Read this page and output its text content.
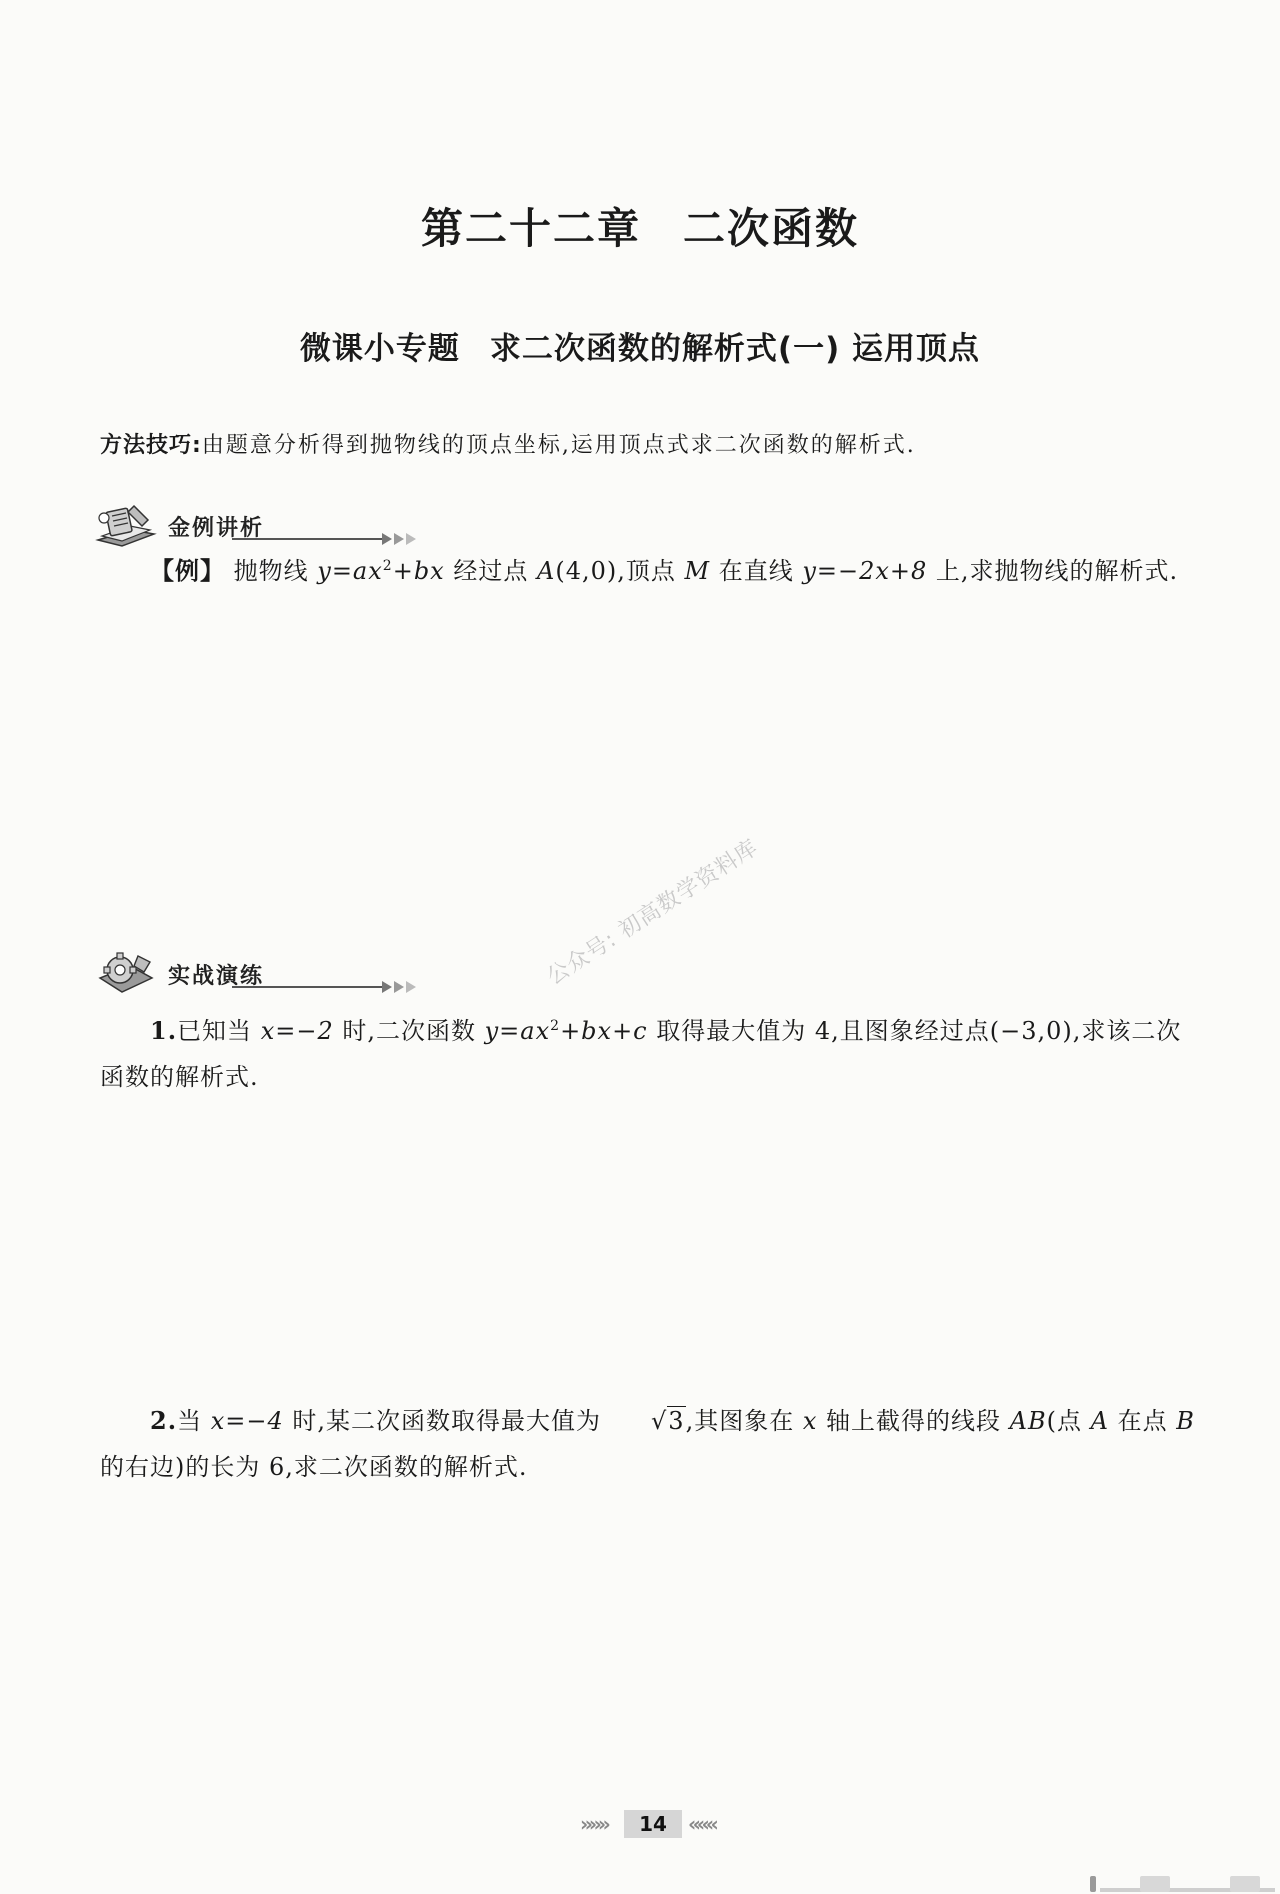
第二十二章 二次函数
微课小专题 求二次函数的解析式(一) 运用顶点
方法技巧:由题意分析得到抛物线的顶点坐标,运用顶点式求二次函数的解析式.
金例讲析
【例】 抛物线 $y=ax^2+bx$ 经过点 A(4,0),顶点 M 在直线 y=−2x+8 上,求抛物线的解析式.
实战演练	公众号: 初高数学资料库
1.已知当 x=−2 时,二次函数 $y=ax^2+bx+c$ 取得最大值为 4,且图象经过点(−3,0),求该二次函数的解析式.
2.当 x=−4 时,某二次函数取得最大值为 √3,其图象在 x 轴上截得的线段 AB(点 A 在点 B 的右边)的长为 6,求二次函数的解析式.
»»»	14	«««
